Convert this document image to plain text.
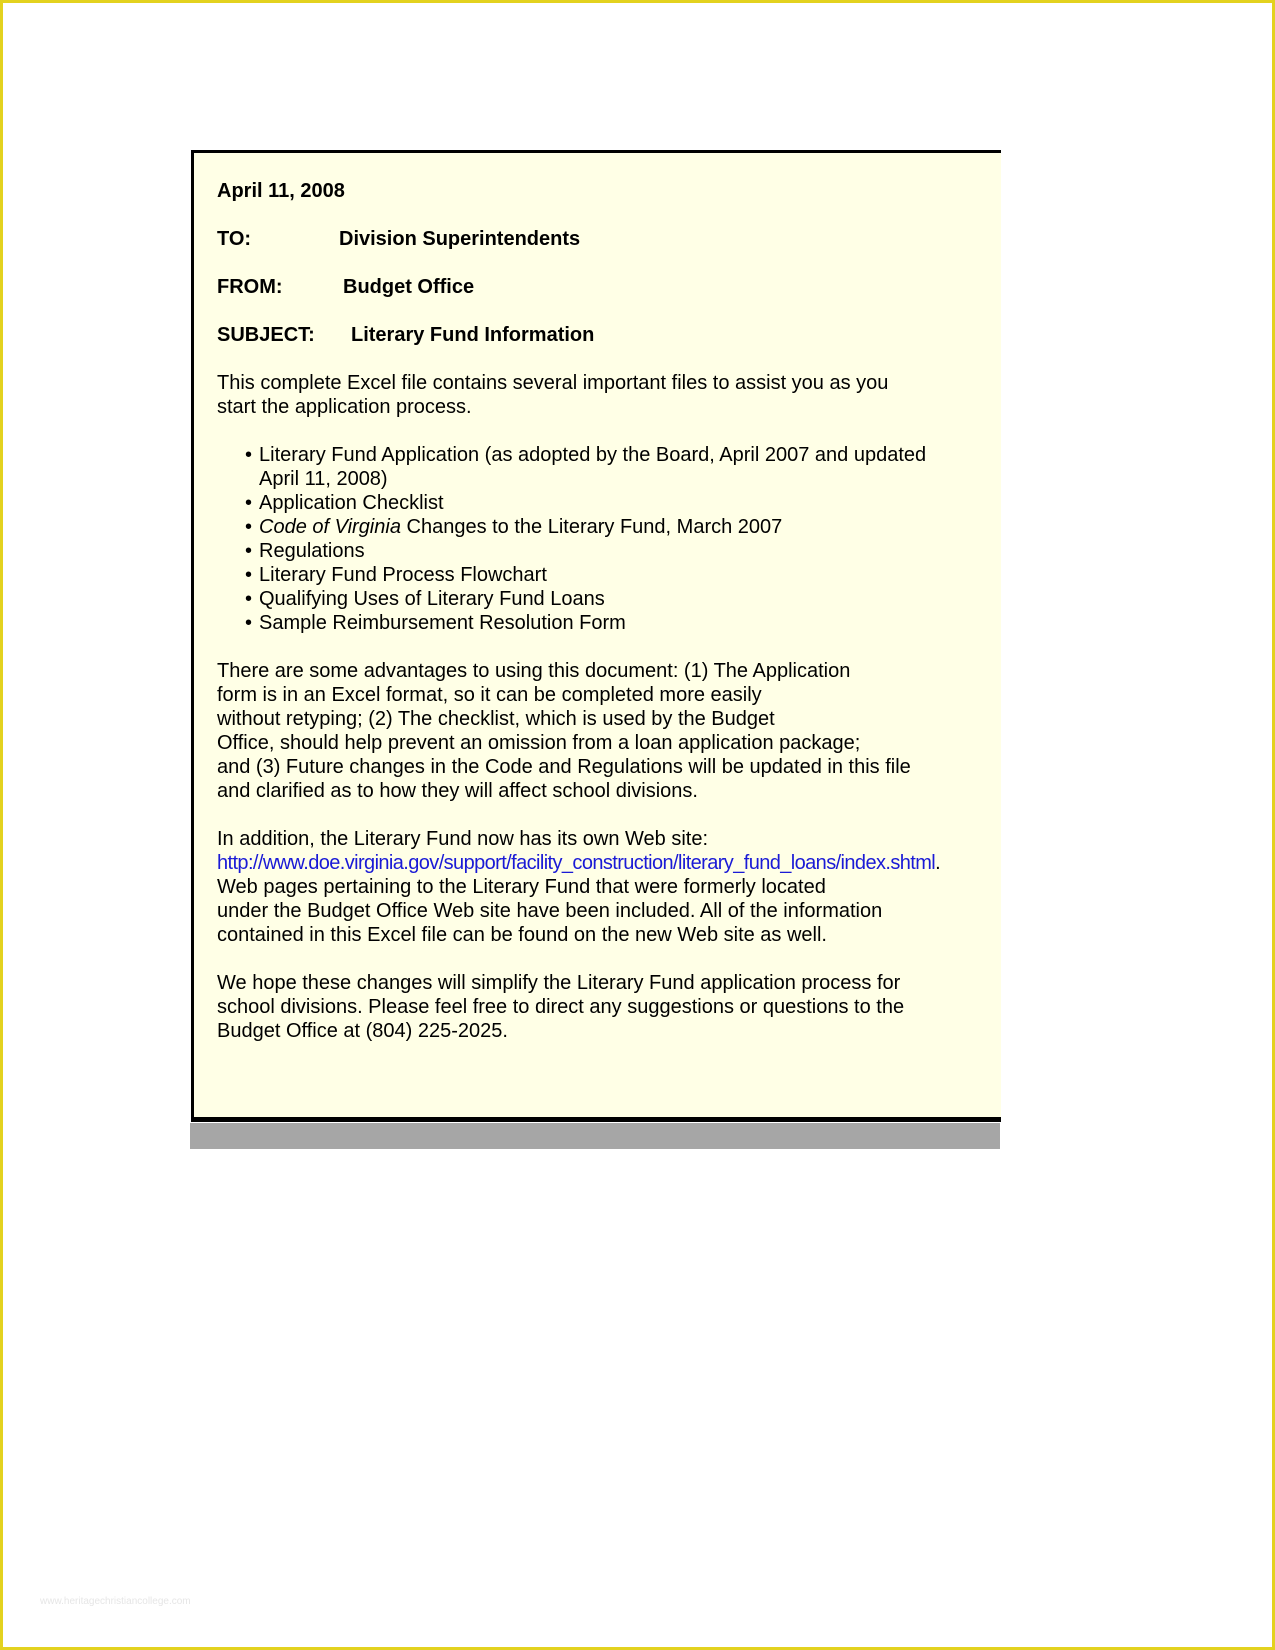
April 11, 2008
TO:	Division Superintendents
FROM:	Budget Office
SUBJECT:	Literary Fund Information

This complete Excel file contains several important files to assist you as you
start the application process.

• Literary Fund Application (as adopted by the Board, April 2007 and updated
April 11, 2008)
• Application Checklist
• Code of Virginia Changes to the Literary Fund, March 2007
• Regulations
• Literary Fund Process Flowchart
• Qualifying Uses of Literary Fund Loans
• Sample Reimbursement Resolution Form

There are some advantages to using this document: (1) The Application
form is in an Excel format, so it can be completed more easily
without retyping; (2) The checklist, which is used by the Budget
Office, should help prevent an omission from a loan application package;
and (3) Future changes in the Code and Regulations will be updated in this file
and clarified as to how they will affect school divisions.

In addition, the Literary Fund now has its own Web site:
http://www.doe.virginia.gov/support/facility_construction/literary_fund_loans/index.shtml.
Web pages pertaining to the Literary Fund that were formerly located
under the Budget Office Web site have been included. All of the information
contained in this Excel file can be found on the new Web site as well.

We hope these changes will simplify the Literary Fund application process for
school divisions. Please feel free to direct any suggestions or questions to the
Budget Office at (804) 225-2025.

www.heritagechristiancollege.com
